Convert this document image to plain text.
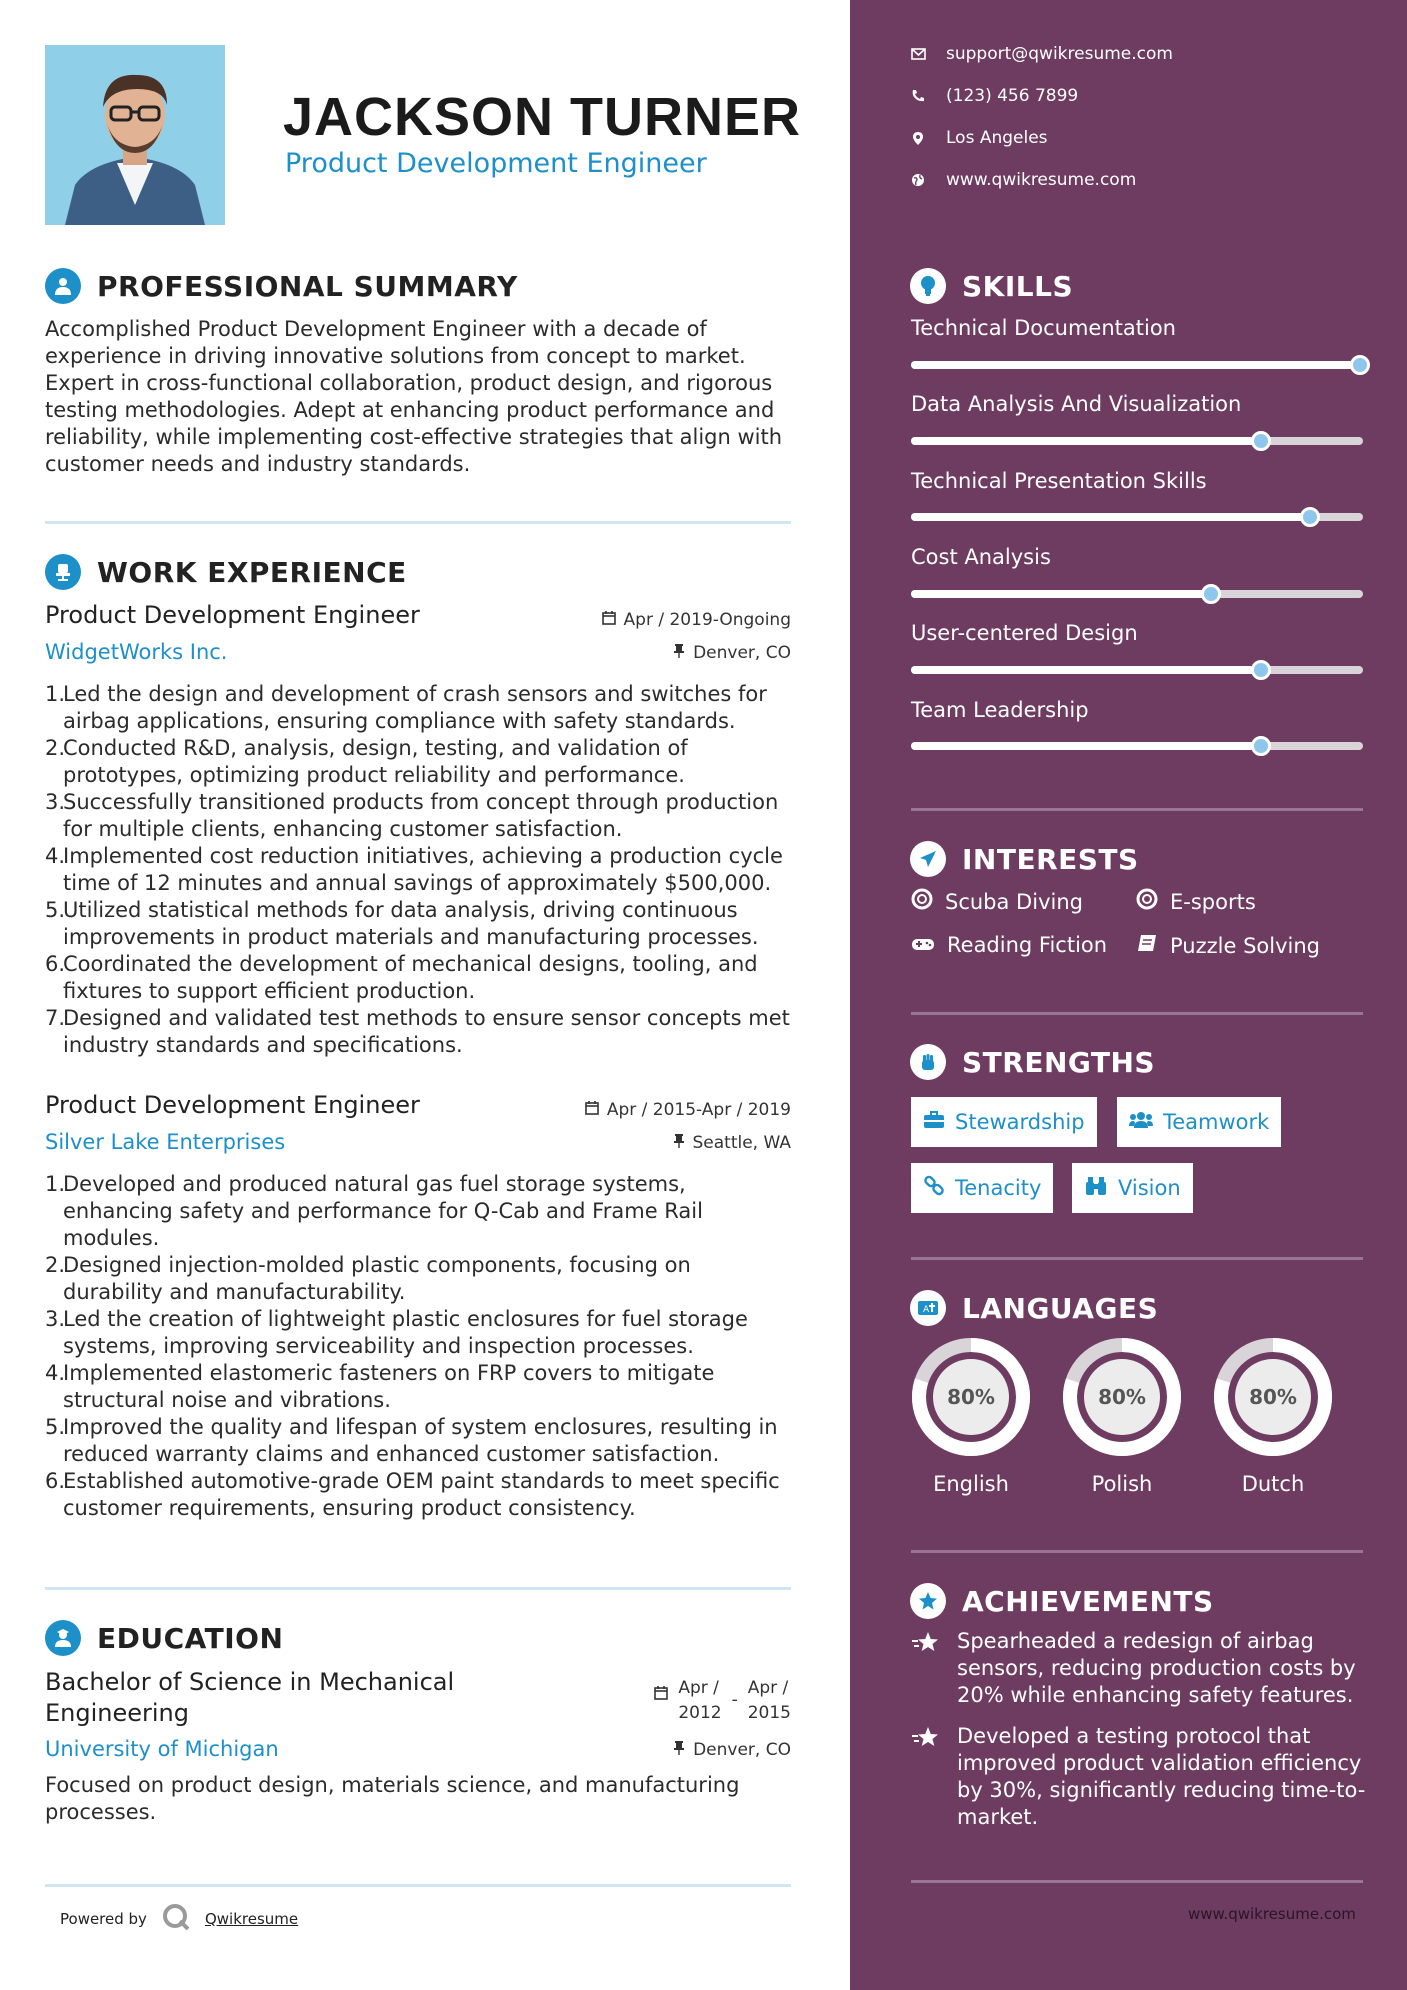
JACKSON TURNER
Product Development Engineer
PROFESSIONAL SUMMARY
Accomplished Product Development Engineer with a decade of
experience in driving innovative solutions from concept to market.
Expert in cross-functional collaboration, product design, and rigorous
testing methodologies. Adept at enhancing product performance and
reliability, while implementing cost-effective strategies that align with
customer needs and industry standards.
WORK EXPERIENCE
Product Development Engineer	Apr / 2019-Ongoing
WidgetWorks Inc.	Denver, CO
1.
Led the design and development of crash sensors and switches for
airbag applications, ensuring compliance with safety standards.
2.
Conducted R&D, analysis, design, testing, and validation of
prototypes, optimizing product reliability and performance.
3.
Successfully transitioned products from concept through production
for multiple clients, enhancing customer satisfaction.
4.
Implemented cost reduction initiatives, achieving a production cycle
time of 12 minutes and annual savings of approximately $500,000.
5.
Utilized statistical methods for data analysis, driving continuous
improvements in product materials and manufacturing processes.
6.
Coordinated the development of mechanical designs, tooling, and
fixtures to support efficient production.
7.
Designed and validated test methods to ensure sensor concepts met
industry standards and specifications.
Product Development Engineer	Apr / 2015-Apr / 2019
Silver Lake Enterprises	Seattle, WA
1.
Developed and produced natural gas fuel storage systems,
enhancing safety and performance for Q-Cab and Frame Rail
modules.
2.
Designed injection-molded plastic components, focusing on
durability and manufacturability.
3.
Led the creation of lightweight plastic enclosures for fuel storage
systems, improving serviceability and inspection processes.
4.
Implemented elastomeric fasteners on FRP covers to mitigate
structural noise and vibrations.
5.
Improved the quality and lifespan of system enclosures, resulting in
reduced warranty claims and enhanced customer satisfaction.
6.
Established automotive-grade OEM paint standards to meet specific
customer requirements, ensuring product consistency.
EDUCATION
Bachelor of Science in Mechanical
Engineering
Apr /
2012
-
Apr /
2015
University of Michigan	Denver, CO
Focused on product design, materials science, and manufacturing
processes.
Powered by	Qwikresume
support@qwikresume.com
(123) 456 7899
Los Angeles
www.qwikresume.com
SKILLS
Technical Documentation
Data Analysis And Visualization
Technical Presentation Skills
Cost Analysis
User-centered Design
Team Leadership
INTERESTS
Scuba Diving	E-sports
Reading Fiction	Puzzle Solving
STRENGTHS
Stewardship	Teamwork
Tenacity	Vision
A LANGUAGES
80%	80%	80%
English	Polish	Dutch
ACHIEVEMENTS
Spearheaded a redesign of airbag
sensors, reducing production costs by
20% while enhancing safety features.
Developed a testing protocol that
improved product validation efficiency
by 30%, significantly reducing time-to-
market.
www.qwikresume.com
